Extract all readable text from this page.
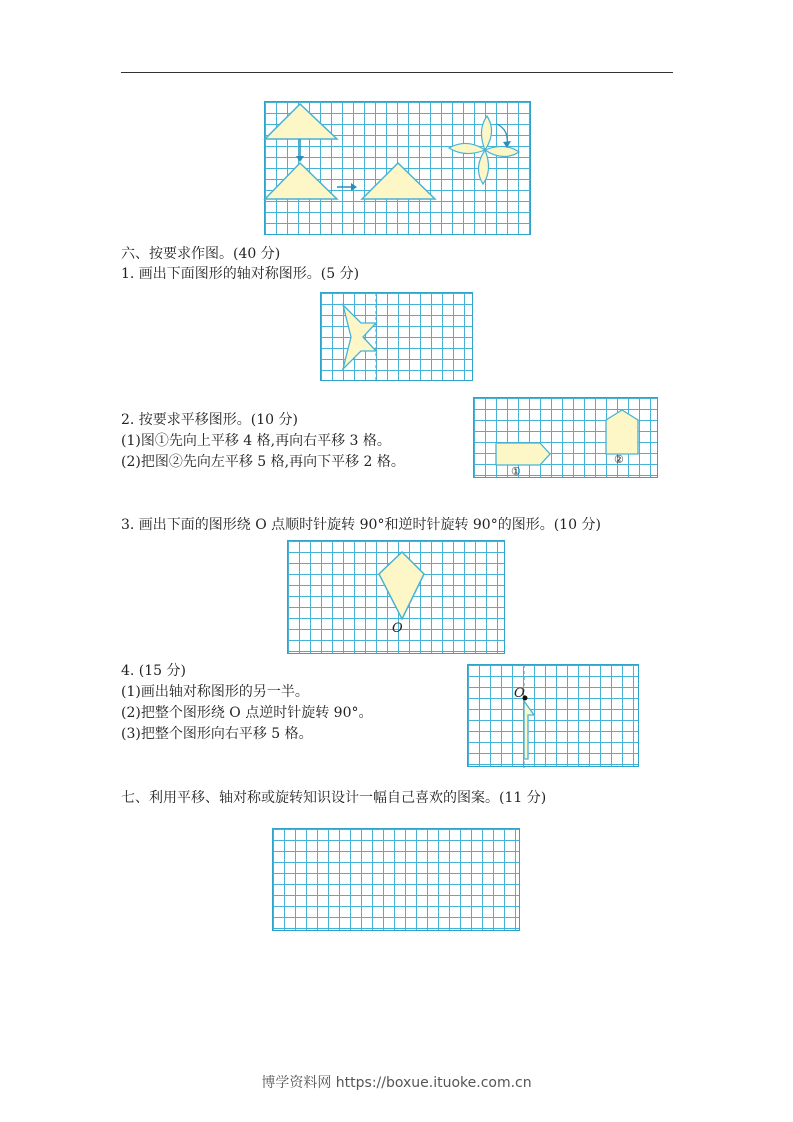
六、按要求作图。(40 分)
1. 画出下面图形的轴对称图形。(5 分)
2. 按要求平移图形。(10 分)
(1)图①先向上平移 4 格,再向右平移 3 格。
(2)把图②先向左平移 5 格,再向下平移 2 格。
①
②
3. 画出下面的图形绕 O 点顺时针旋转 90°和逆时针旋转 90°的图形。(10 分)
O
4. (15 分)
(1)画出轴对称图形的另一半。
(2)把整个图形绕 O 点逆时针旋转 90°。
(3)把整个图形向右平移 5 格。
O
七、利用平移、轴对称或旋转知识设计一幅自己喜欢的图案。(11 分)
博学资料网 https://boxue.ituoke.com.cn
